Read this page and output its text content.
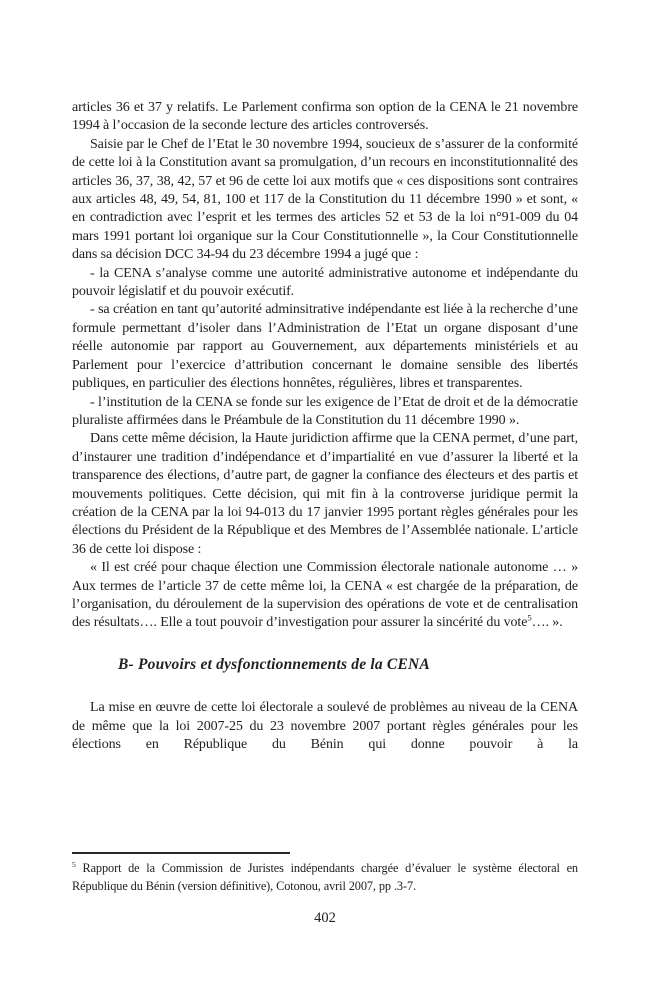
articles 36 et 37 y relatifs. Le Parlement confirma son option de la CENA le 21 novembre 1994 à l’occasion de la seconde lecture des articles controversés.

Saisie par le Chef de l’Etat le 30 novembre 1994, soucieux de s’assurer de la conformité de cette loi à la Constitution avant sa promulgation, d’un recours en inconstitutionnalité des articles 36, 37, 38, 42, 57 et 96 de cette loi aux motifs que « ces dispositions sont contraires aux articles 48, 49, 54, 81, 100 et 117 de la Constitution du 11 décembre 1990 » et sont, « en contradiction avec l’esprit et les termes des articles 52 et 53 de la loi n°91-009 du 04 mars 1991 portant loi organique sur la Cour Constitutionnelle », la Cour Constitutionnelle dans sa décision DCC 34-94 du 23 décembre 1994 a jugé que :

- la CENA s’analyse comme une autorité administrative autonome et indépendante du pouvoir législatif et du pouvoir exécutif.

- sa création en tant qu’autorité adminsitrative indépendante est liée à la recherche d’une formule permettant d’isoler dans l’Administration de l’Etat un organe disposant d’une réelle autonomie par rapport au Gouvernement, aux départements ministériels et au Parlement pour l’exercice d’attribution concernant le domaine sensible des libertés publiques, en particulier des élections honnêtes, régulières, libres et transparentes.

- l’institution de la CENA se fonde sur les exigence de l’Etat de droit et de la démocratie pluraliste affirmées dans le Préambule de la Constitution du 11 décembre 1990 ».

Dans cette même décision, la Haute juridiction affirme que la CENA permet, d’une part, d’instaurer une tradition d’indépendance et d’impartialité en vue d’assurer la liberté et la transparence des élections, d’autre part, de gagner la confiance des électeurs et des partis et mouvements politiques. Cette décision, qui mit fin à la controverse juridique permit la création de la CENA par la loi 94-013 du 17 janvier 1995 portant règles générales pour les élections du Président de la République et des Membres de l’Assemblée nationale. L’article 36 de cette loi dispose :

« Il est créé pour chaque élection une Commission électorale nationale autonome … » Aux termes de l’article 37 de cette même loi, la CENA « est chargée de la préparation, de l’organisation, du déroulement de la supervision des opérations de vote et de centralisation des résultats…. Elle a tout pouvoir d’investigation pour assurer la sincérité du vote$^5$…. ».

B- Pouvoirs et dysfonctionnements de la CENA

La mise en œuvre de cette loi électorale a soulevé de problèmes au niveau de la CENA de même que la loi 2007-25 du 23 novembre 2007 portant règles générales pour les élections en République du Bénin qui donne pouvoir à la

$^5$ Rapport de la Commission de Juristes indépendants chargée d’évaluer le système électoral en République du Bénin (version définitive), Cotonou, avril 2007, pp .3-7.

402
